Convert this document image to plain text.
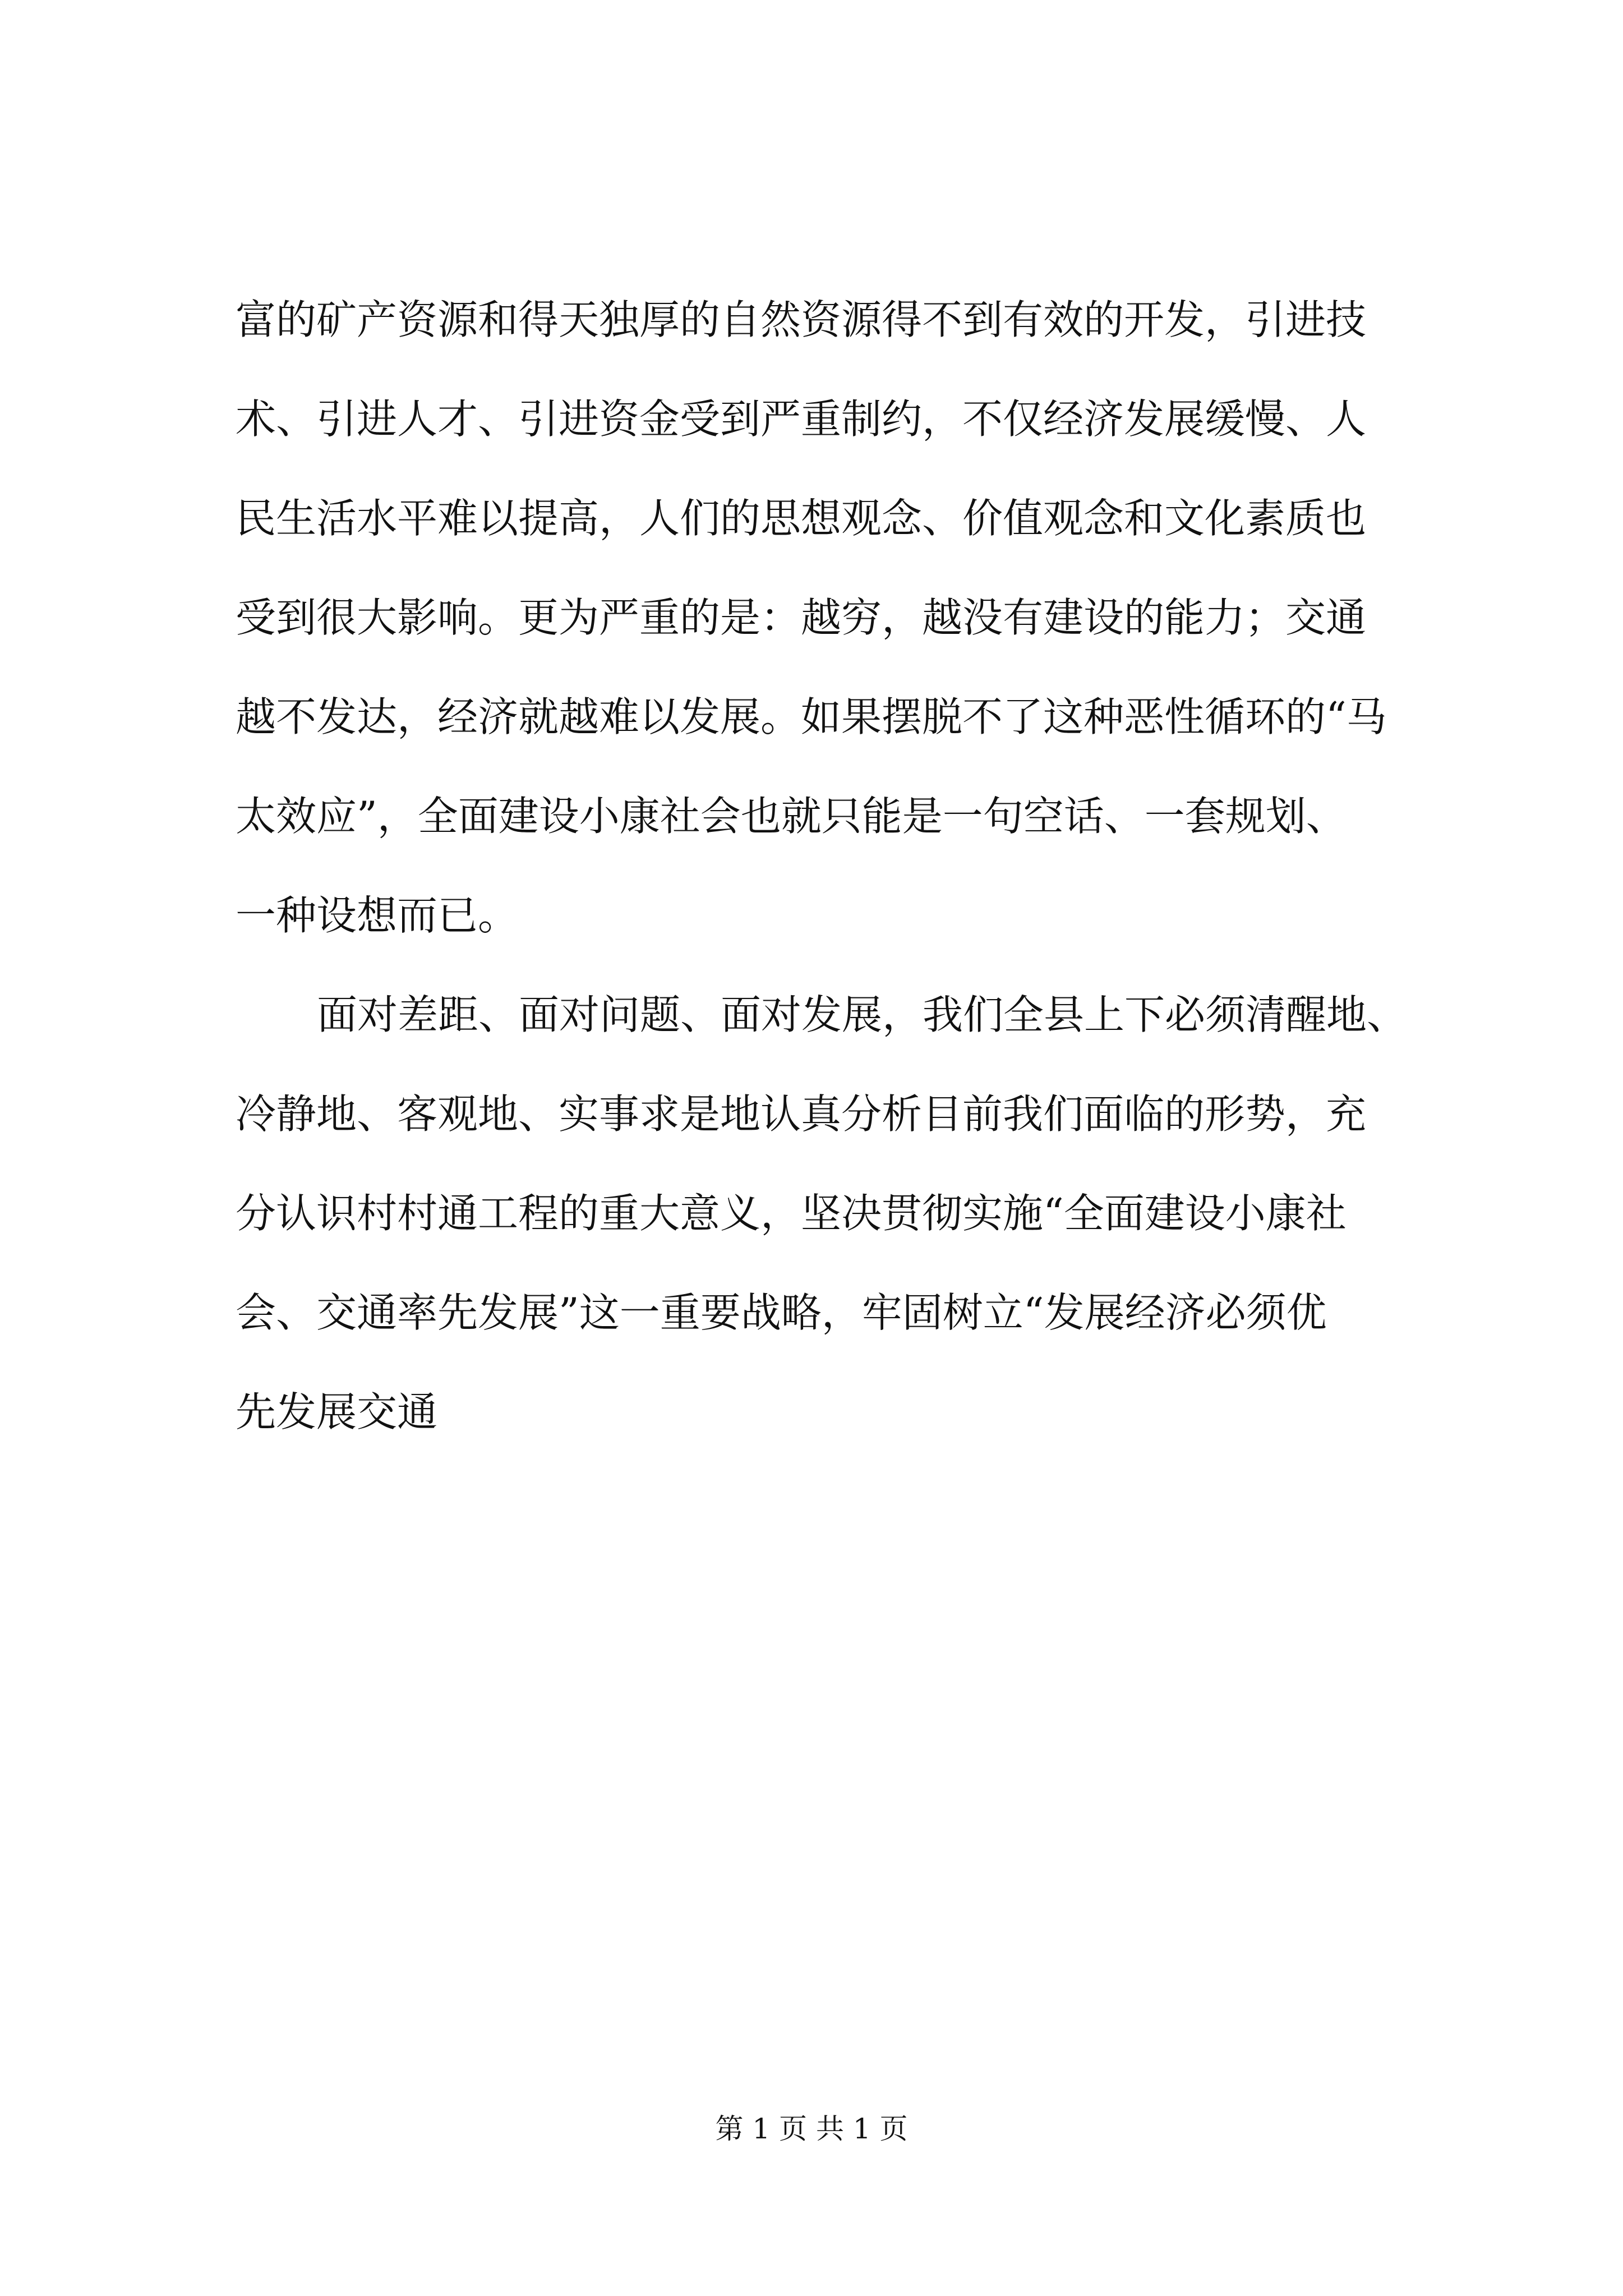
富的矿产资源和得天独厚的自然资源得不到有效的开发，引进技
术、引进人才、引进资金受到严重制约，不仅经济发展缓慢、人
民生活水平难以提高，人们的思想观念、价值观念和文化素质也
受到很大影响。更为严重的是：越穷，越没有建设的能力；交通
越不发达，经济就越难以发展。如果摆脱不了这种恶性循环的“马
太效应”，全面建设小康社会也就只能是一句空话、一套规划、
一种设想而已。
面对差距、面对问题、面对发展，我们全县上下必须清醒地、
冷静地、客观地、实事求是地认真分析目前我们面临的形势，充
分认识村村通工程的重大意义，坚决贯彻实施“全面建设小康社
会、交通率先发展”这一重要战略，牢固树立“发展经济必须优
先发展交通
第 1 页 共 1 页
